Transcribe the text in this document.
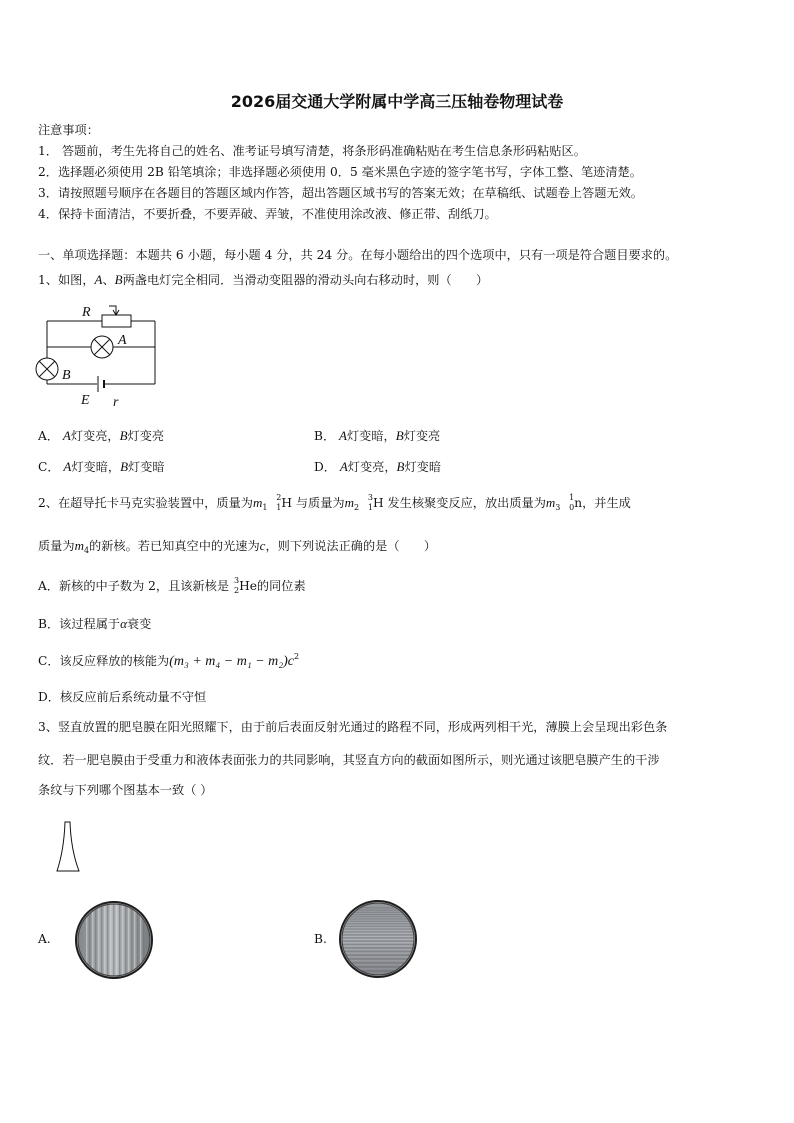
2026届交通大学附属中学高三压轴卷物理试卷
注意事项：
1． 答题前，考生先将自己的姓名、准考证号填写清楚，将条形码准确粘贴在考生信息条形码粘贴区。
2．选择题必须使用 2B 铅笔填涂；非选择题必须使用 0．5 毫米黑色字迹的签字笔书写，字体工整、笔迹清楚。
3．请按照题号顺序在各题目的答题区域内作答，超出答题区域书写的答案无效；在草稿纸、试题卷上答题无效。
4．保持卡面清洁，不要折叠，不要弄破、弄皱，不准使用涂改液、修正带、刮纸刀。
一、单项选择题：本题共 6 小题，每小题 4 分，共 24 分。在每小题给出的四个选项中，只有一项是符合题目要求的。
1、如图，A、B两盏电灯完全相同．当滑动变阻器的滑动头向右移动时，则（　　）
R
A
B
E r
A． A灯变亮，B灯变亮	B． A灯变暗，B灯变亮
C． A灯变暗，B灯变暗	D． A灯变亮，B灯变暗
2、在超导托卡马克实验装置中，质量为$m_1$
2
1 H 与质量为$m_2$
3
1 H 发生核聚变反应，放出质量为$m_3$
1
0 n，并生成
质量为$m_4$的新核。若已知真空中的光速为c，则下列说法正确的是（　　）
A．新核的中子数为 2，且该新核是 3
2 He的同位素
B．该过程属于α衰变
C．该反应释放的核能为$(m_3 + m_4 - m_1 - m_2)c^2$
D．核反应前后系统动量不守恒
3、竖直放置的肥皂膜在阳光照耀下，由于前后表面反射光通过的路程不同，形成两列相干光，薄膜上会呈现出彩色条
纹．若一肥皂膜由于受重力和液体表面张力的共同影响，其竖直方向的截面如图所示，则光通过该肥皂膜产生的干涉
条纹与下列哪个图基本一致（ ）
A.	B.
